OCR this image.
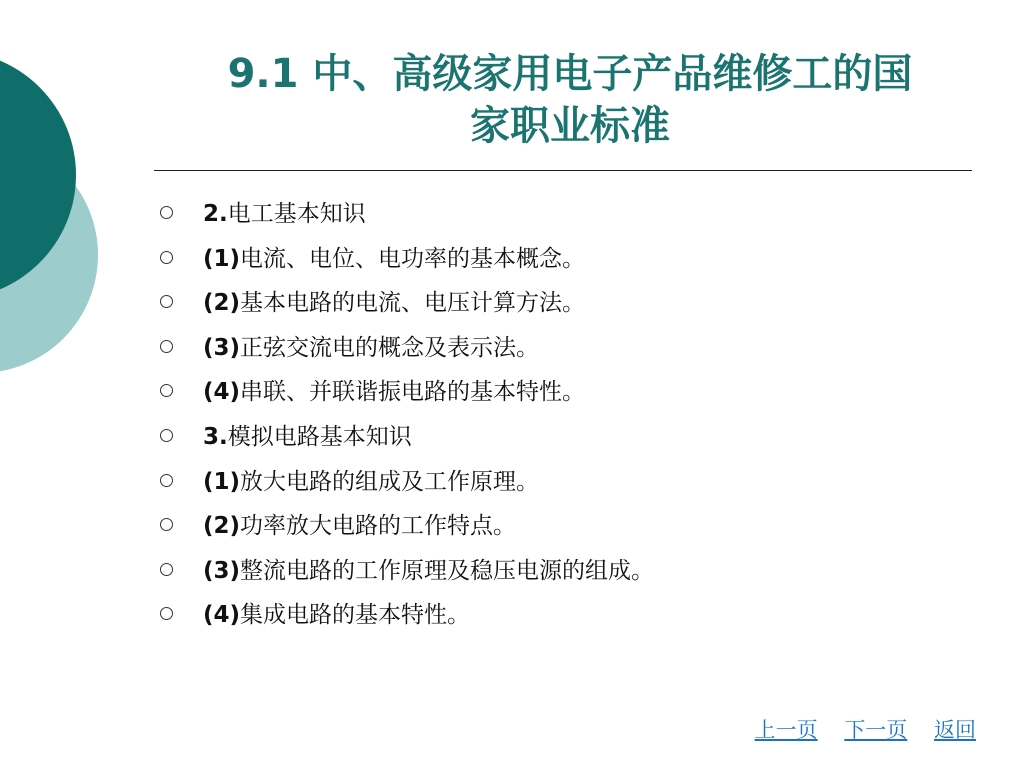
9.1 中、高级家用电子产品维修工的国
家职业标准
2.电工基本知识
(1)电流、电位、电功率的基本概念。
(2)基本电路的电流、电压计算方法。
(3)正弦交流电的概念及表示法。
(4)串联、并联谐振电路的基本特性。
3.模拟电路基本知识
(1)放大电路的组成及工作原理。
(2)功率放大电路的工作特点。
(3)整流电路的工作原理及稳压电源的组成。
(4)集成电路的基本特性。
上一页 下一页 返回
